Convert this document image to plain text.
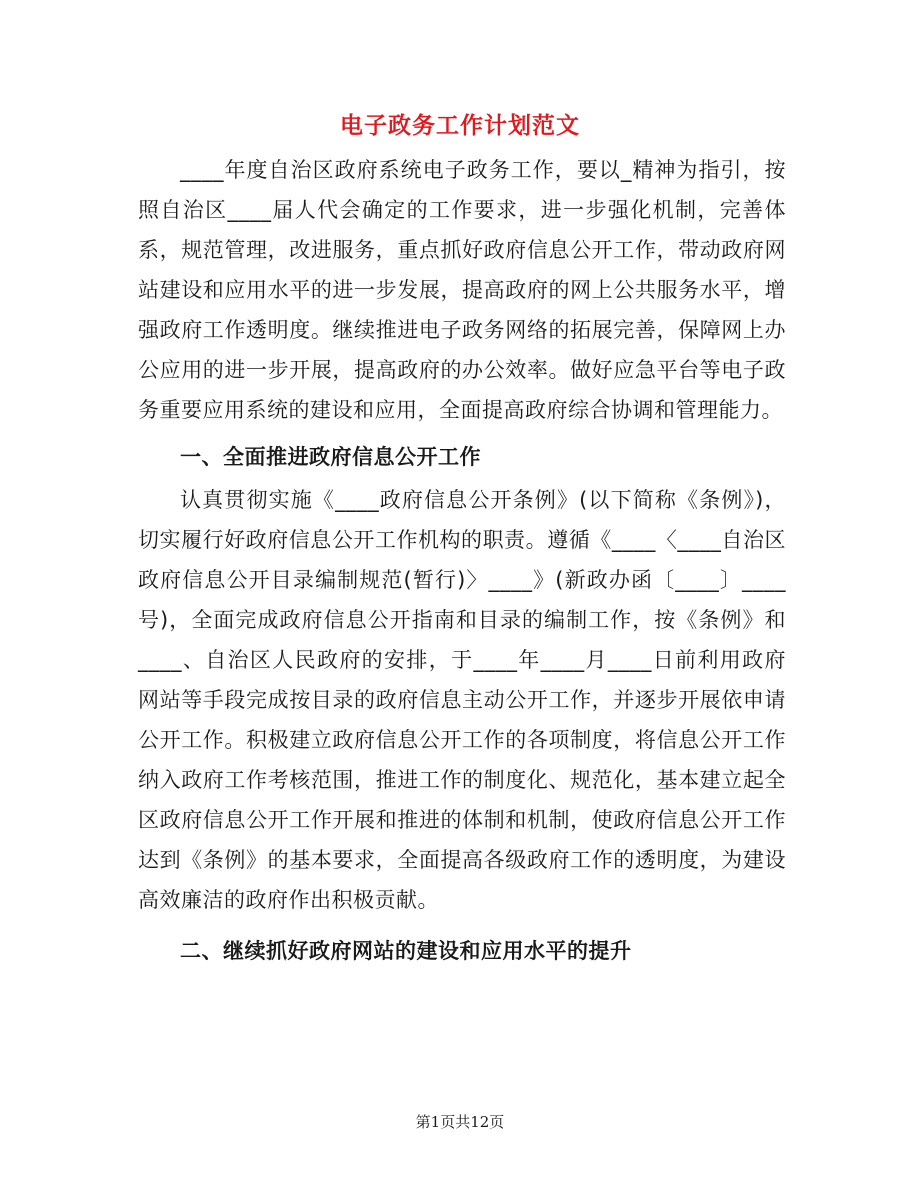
电子政务工作计划范文

____年度自治区政府系统电子政务工作，要以_精神为指引，按照自治区____届人代会确定的工作要求，进一步强化机制，完善体系，规范管理，改进服务，重点抓好政府信息公开工作，带动政府网站建设和应用水平的进一步发展，提高政府的网上公共服务水平，增强政府工作透明度。继续推进电子政务网络的拓展完善，保障网上办公应用的进一步开展，提高政府的办公效率。做好应急平台等电子政务重要应用系统的建设和应用，全面提高政府综合协调和管理能力。

一、全面推进政府信息公开工作

认真贯彻实施《____政府信息公开条例》(以下简称《条例》)，切实履行好政府信息公开工作机构的职责。遵循《____〈____自治区政府信息公开目录编制规范(暂行)〉____》(新政办函〔____〕____号)，全面完成政府信息公开指南和目录的编制工作，按《条例》和____、自治区人民政府的安排，于____年____月____日前利用政府网站等手段完成按目录的政府信息主动公开工作，并逐步开展依申请公开工作。积极建立政府信息公开工作的各项制度，将信息公开工作纳入政府工作考核范围，推进工作的制度化、规范化，基本建立起全区政府信息公开工作开展和推进的体制和机制，使政府信息公开工作达到《条例》的基本要求，全面提高各级政府工作的透明度，为建设高效廉洁的政府作出积极贡献。

二、继续抓好政府网站的建设和应用水平的提升
第1页共12页
